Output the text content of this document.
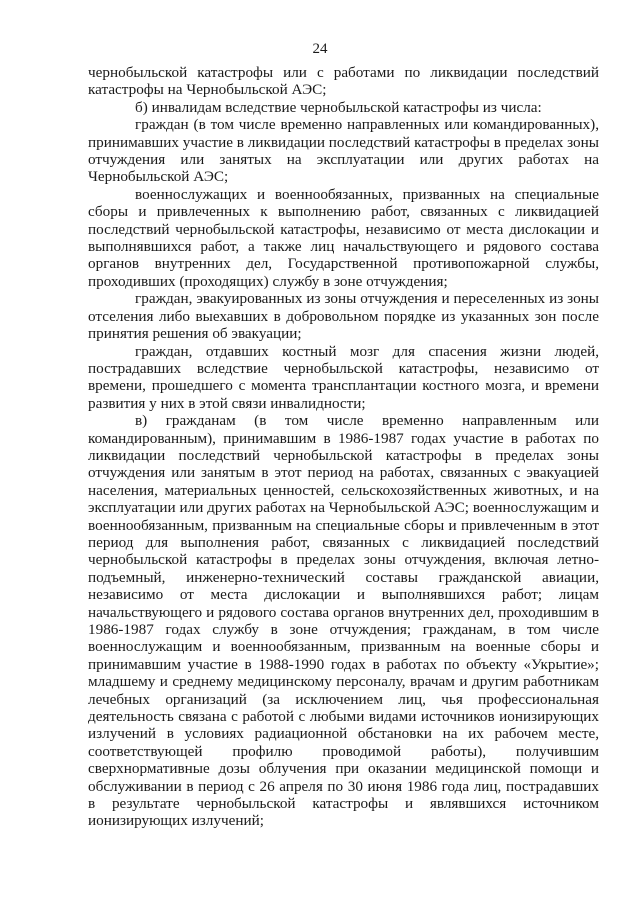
24

чернобыльской катастрофы или с работами по ликвидации последствий катастрофы на Чернобыльской АЭС;

б) инвалидам вследствие чернобыльской катастрофы из числа:

граждан (в том числе временно направленных или командированных), принимавших участие в ликвидации последствий катастрофы в пределах зоны отчуждения или занятых на эксплуатации или других работах на Чернобыльской АЭС;

военнослужащих и военнообязанных, призванных на специальные сборы и привлеченных к выполнению работ, связанных с ликвидацией последствий чернобыльской катастрофы, независимо от места дислокации и выполнявшихся работ, а также лиц начальствующего и рядового состава органов внутренних дел, Государственной противопожарной службы, проходивших (проходящих) службу в зоне отчуждения;

граждан, эвакуированных из зоны отчуждения и переселенных из зоны отселения либо выехавших в добровольном порядке из указанных зон после принятия решения об эвакуации;

граждан, отдавших костный мозг для спасения жизни людей, пострадавших вследствие чернобыльской катастрофы, независимо от времени, прошедшего с момента трансплантации костного мозга, и времени развития у них в этой связи инвалидности;

в) гражданам (в том числе временно направленным или командированным), принимавшим в 1986-1987 годах участие в работах по ликвидации последствий чернобыльской катастрофы в пределах зоны отчуждения или занятым в этот период на работах, связанных с эвакуацией населения, материальных ценностей, сельскохозяйственных животных, и на эксплуатации или других работах на Чернобыльской АЭС; военнослужащим и военнообязанным, призванным на специальные сборы и привлеченным в этот период для выполнения работ, связанных с ликвидацией последствий чернобыльской катастрофы в пределах зоны отчуждения, включая летно-подъемный, инженерно-технический составы гражданской авиации, независимо от места дислокации и выполнявшихся работ; лицам начальствующего и рядового состава органов внутренних дел, проходившим в 1986-1987 годах службу в зоне отчуждения; гражданам, в том числе военнослужащим и военнообязанным, призванным на военные сборы и принимавшим участие в 1988-1990 годах в работах по объекту «Укрытие»; младшему и среднему медицинскому персоналу, врачам и другим работникам лечебных организаций (за исключением лиц, чья профессиональная деятельность связана с работой с любыми видами источников ионизирующих излучений в условиях радиационной обстановки на их рабочем месте, соответствующей профилю проводимой работы), получившим сверхнормативные дозы облучения при оказании медицинской помощи и обслуживании в период с 26 апреля по 30 июня 1986 года лиц, пострадавших в результате чернобыльской катастрофы и являвшихся источником ионизирующих излучений;
